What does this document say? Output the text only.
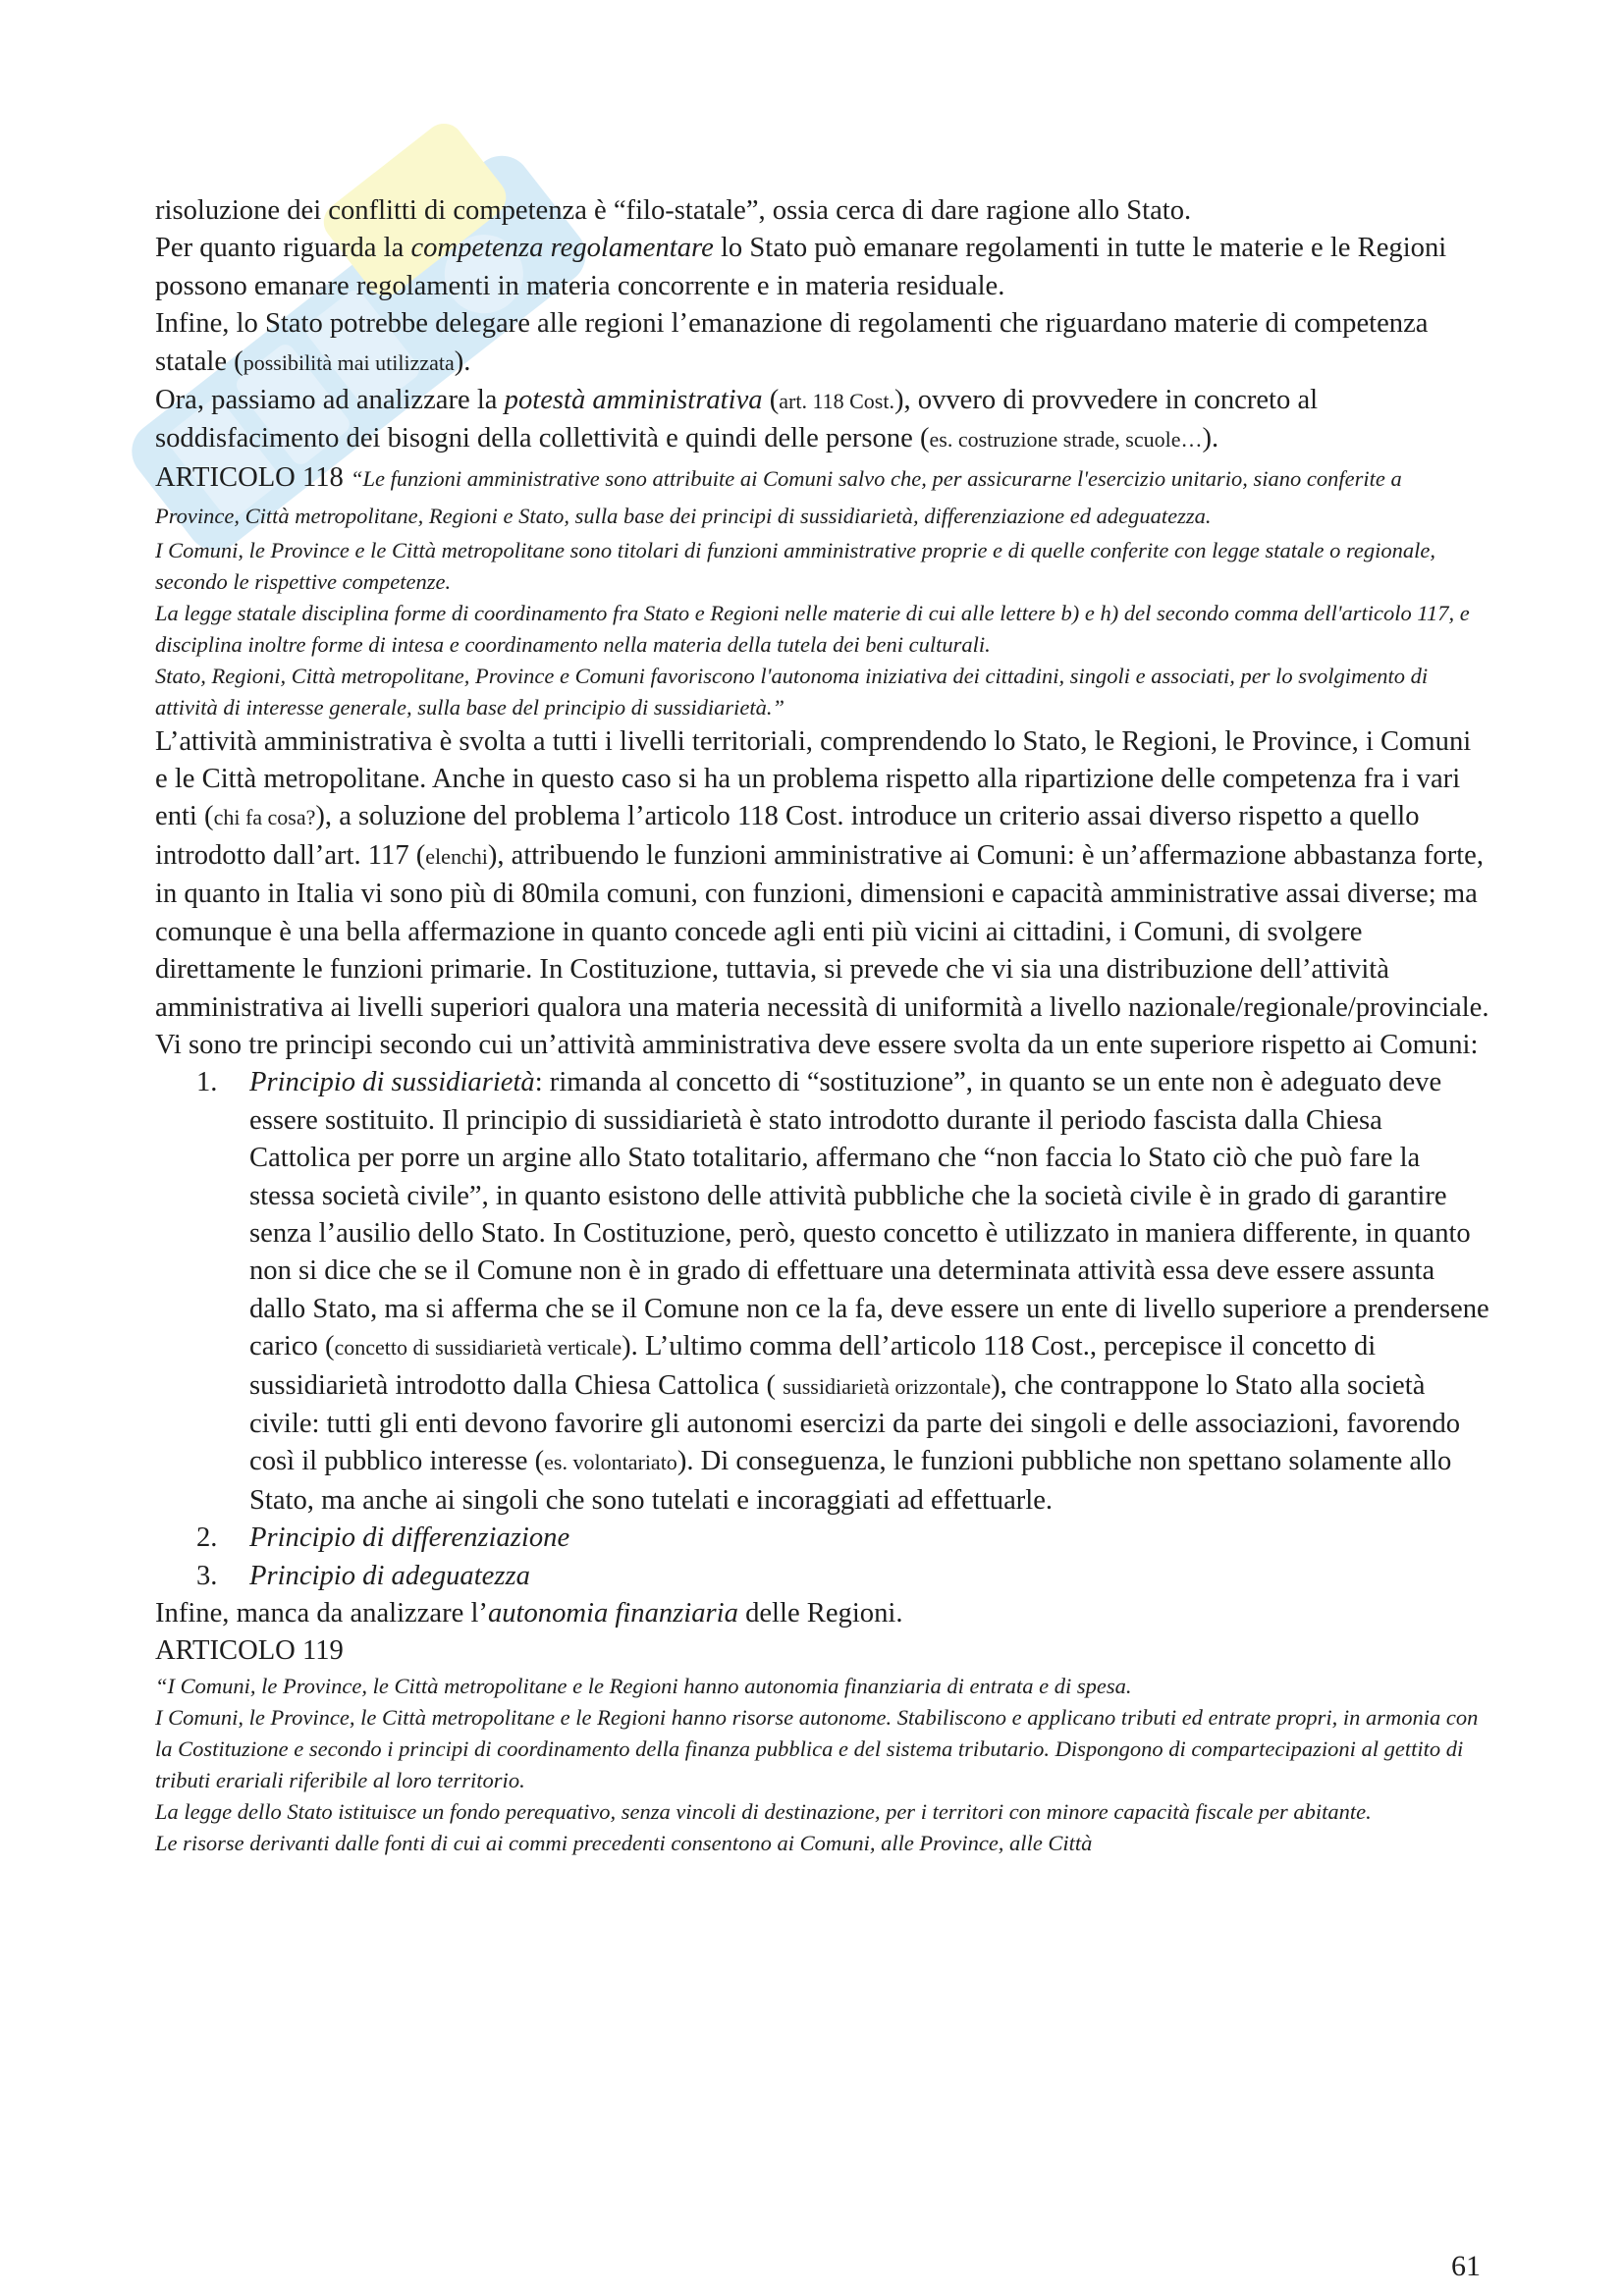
risoluzione dei conflitti di competenza è “filo-statale”, ossia cerca di dare ragione allo Stato.

Per quanto riguarda la competenza regolamentare lo Stato può emanare regolamenti in tutte le materie e le Regioni possono emanare regolamenti in materia concorrente e in materia residuale.

Infine, lo Stato potrebbe delegare alle regioni l’emanazione di regolamenti che riguardano materie di competenza statale (possibilità mai utilizzata).

Ora, passiamo ad analizzare la potestà amministrativa (art. 118 Cost.), ovvero di provvedere in concreto al soddisfacimento dei bisogni della collettività e quindi delle persone (es. costruzione strade, scuole…).

ARTICOLO 118 “Le funzioni amministrative sono attribuite ai Comuni salvo che, per assicurarne l'esercizio unitario, siano conferite a Province, Città metropolitane, Regioni e Stato, sulla base dei principi di sussidiarietà, differenziazione ed adeguatezza.

I Comuni, le Province e le Città metropolitane sono titolari di funzioni amministrative proprie e di quelle conferite con legge statale o regionale, secondo le rispettive competenze.

La legge statale disciplina forme di coordinamento fra Stato e Regioni nelle materie di cui alle lettere b) e h) del secondo comma dell'articolo 117, e disciplina inoltre forme di intesa e coordinamento nella materia della tutela dei beni culturali.

Stato, Regioni, Città metropolitane, Province e Comuni favoriscono l'autonoma iniziativa dei cittadini, singoli e associati, per lo svolgimento di attività di interesse generale, sulla base del principio di sussidiarietà.”

L’attività amministrativa è svolta a tutti i livelli territoriali, comprendendo lo Stato, le Regioni, le Province, i Comuni e le Città metropolitane. Anche in questo caso si ha un problema rispetto alla ripartizione delle competenza fra i vari enti (chi fa cosa?), a soluzione del problema l’articolo 118 Cost. introduce un criterio assai diverso rispetto a quello introdotto dall’art. 117 (elenchi), attribuendo le funzioni amministrative ai Comuni: è un’affermazione abbastanza forte, in quanto in Italia vi sono più di 80mila comuni, con funzioni, dimensioni e capacità amministrative assai diverse; ma comunque è una bella affermazione in quanto concede agli enti più vicini ai cittadini, i Comuni, di svolgere direttamente le funzioni primarie. In Costituzione, tuttavia, si prevede che vi sia una distribuzione dell’attività amministrativa ai livelli superiori qualora una materia necessità di uniformità a livello nazionale/regionale/provinciale. Vi sono tre principi secondo cui un’attività amministrativa deve essere svolta da un ente superiore rispetto ai Comuni:

1. Principio di sussidiarietà: rimanda al concetto di “sostituzione”, in quanto se un ente non è adeguato deve essere sostituito. Il principio di sussidiarietà è stato introdotto durante il periodo fascista dalla Chiesa Cattolica per porre un argine allo Stato totalitario, affermano che “non faccia lo Stato ciò che può fare la stessa società civile”, in quanto esistono delle attività pubbliche che la società civile è in grado di garantire senza l’ausilio dello Stato. In Costituzione, però, questo concetto è utilizzato in maniera differente, in quanto non si dice che se il Comune non è in grado di effettuare una determinata attività essa deve essere assunta dallo Stato, ma si afferma che se il Comune non ce la fa, deve essere un ente di livello superiore a prendersene carico (concetto di sussidiarietà verticale). L’ultimo comma dell’articolo 118 Cost., percepisce il concetto di sussidiarietà introdotto dalla Chiesa Cattolica ( sussidiarietà orizzontale), che contrappone lo Stato alla società civile: tutti gli enti devono favorire gli autonomi esercizi da parte dei singoli e delle associazioni, favorendo così il pubblico interesse (es. volontariato). Di conseguenza, le funzioni pubbliche non spettano solamente allo Stato, ma anche ai singoli che sono tutelati e incoraggiati ad effettuarle.
2. Principio di differenziazione
3. Principio di adeguatezza

Infine, manca da analizzare l’autonomia finanziaria delle Regioni.

ARTICOLO 119

“I Comuni, le Province, le Città metropolitane e le Regioni hanno autonomia finanziaria di entrata e di spesa.

I Comuni, le Province, le Città metropolitane e le Regioni hanno risorse autonome. Stabiliscono e applicano tributi ed entrate propri, in armonia con la Costituzione e secondo i principi di coordinamento della finanza pubblica e del sistema tributario. Dispongono di compartecipazioni al gettito di tributi erariali riferibile al loro territorio.

La legge dello Stato istituisce un fondo perequativo, senza vincoli di destinazione, per i territori con minore capacità fiscale per abitante.

Le risorse derivanti dalle fonti di cui ai commi precedenti consentono ai Comuni, alle Province, alle Città

61
